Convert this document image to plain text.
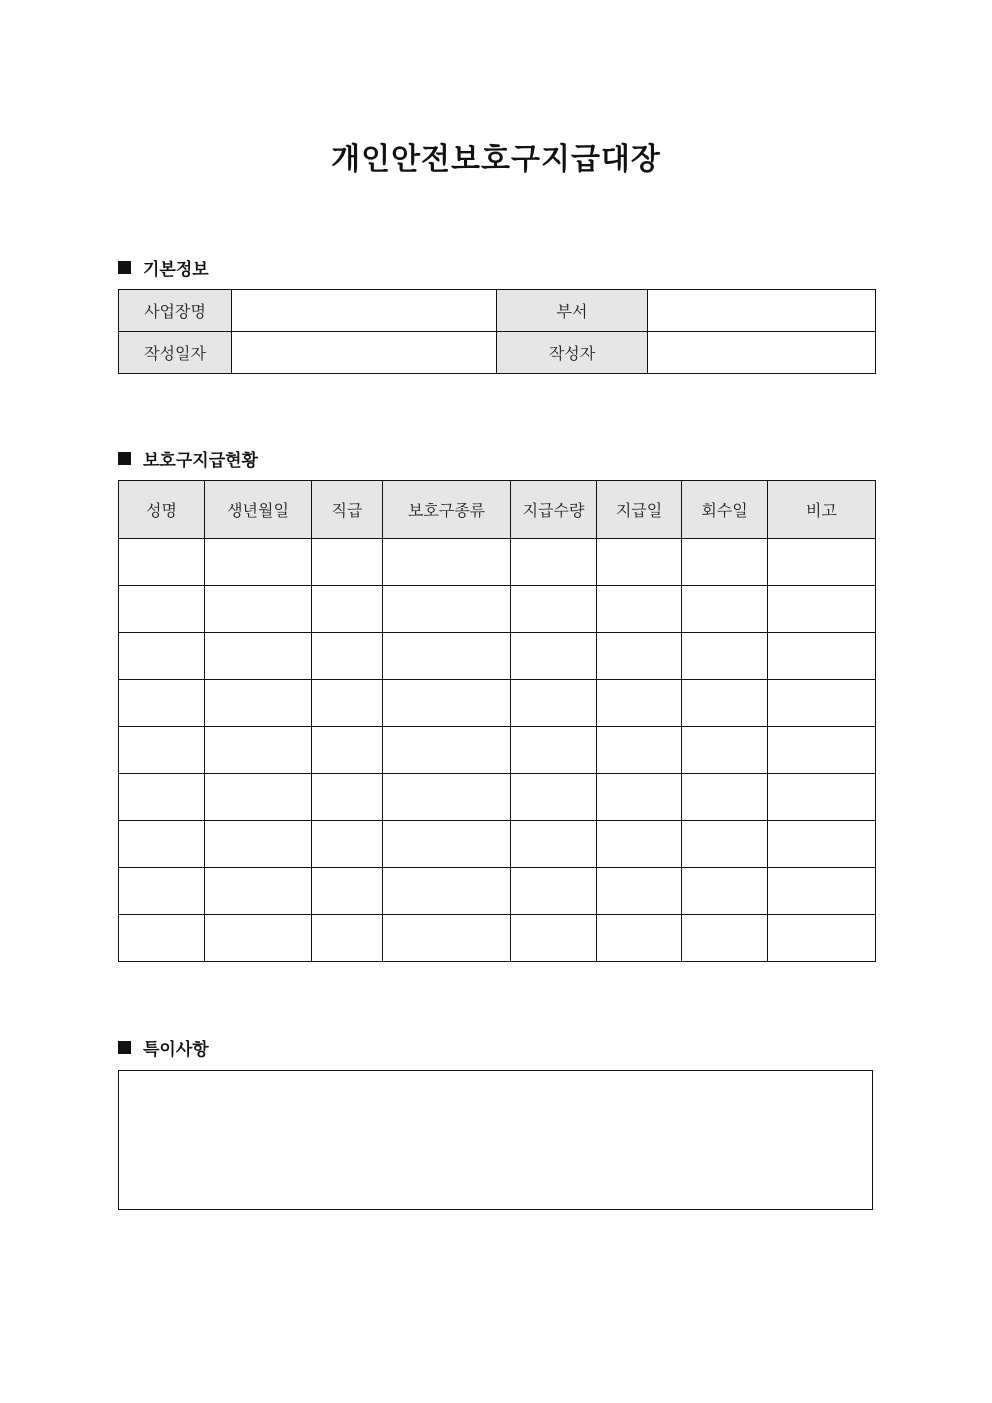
개인안전보호구지급대장
기본정보
사업장명		부서	
작성일자		작성자	
보호구지급현황
성명	생년월일	직급	보호구종류	지급수량	지급일	회수일	비고

특이사항
